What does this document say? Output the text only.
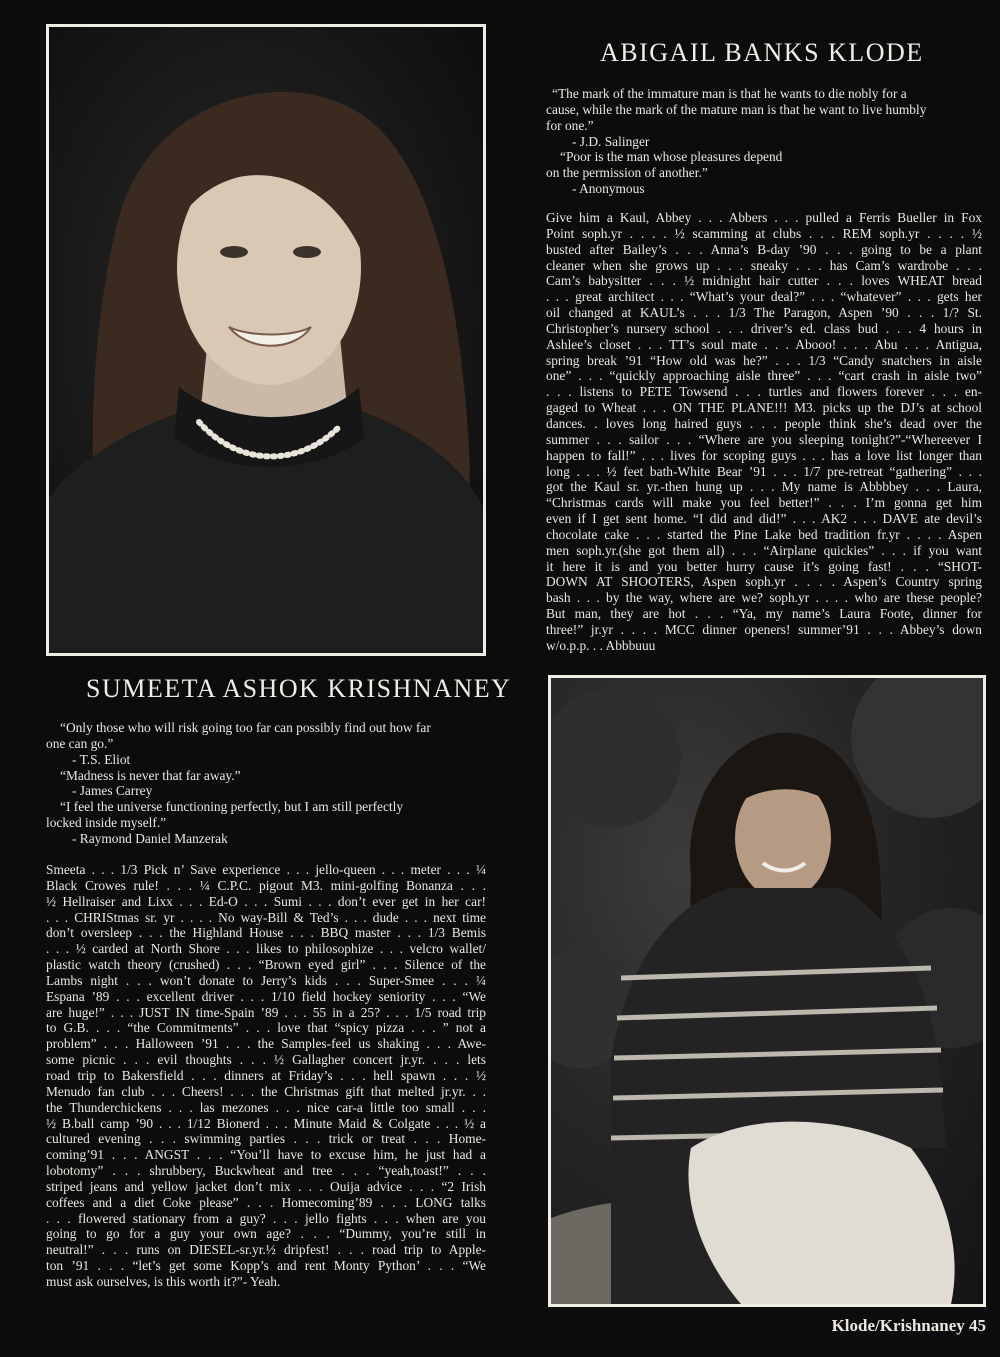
ABIGAIL BANKS KLODE
“The mark of the immature man is that he wants to die nobly for a
cause, while the mark of the mature man is that he want to live humbly
for one.”
- J.D. Salinger
“Poor is the man whose pleasures depend
on the permission of another.”
- Anonymous
Give him a Kaul, Abbey . . . Abbers . . . pulled a Ferris Bueller in Fox
Point soph.yr . . . . ½ scamming at clubs . . . REM soph.yr . . . . ½
busted after Bailey’s . . . Anna’s B-day ’90 . . . going to be a plant
cleaner when she grows up . . . sneaky . . . has Cam’s wardrobe . . .
Cam’s babysitter . . . ½ midnight hair cutter . . . loves WHEAT bread
. . . great architect . . . “What’s your deal?” . . . “whatever” . . . gets her
oil changed at KAUL’s . . . 1/3 The Paragon, Aspen ’90 . . . 1/? St.
Christopher’s nursery school . . . driver’s ed. class bud . . . 4 hours in
Ashlee’s closet . . . TT’s soul mate . . . Abooo! . . . Abu . . . Antigua,
spring break ’91 “How old was he?” . . . 1/3 “Candy snatchers in aisle
one” . . . “quickly approaching aisle three” . . . “cart crash in aisle two”
. . . listens to PETE Towsend . . . turtles and flowers forever . . . en-
gaged to Wheat . . . ON THE PLANE!!! M3. picks up the DJ’s at school
dances. . loves long haired guys . . . people think she’s dead over the
summer . . . sailor . . . “Where are you sleeping tonight?”-“Whereever I
happen to fall!” . . . lives for scoping guys . . . has a love list longer than
long . . . ½ feet bath-White Bear ’91 . . . 1/7 pre-retreat “gathering” . . .
got the Kaul sr. yr.-then hung up . . . My name is Abbbbey . . . Laura,
“Christmas cards will make you feel better!” . . . I’m gonna get him
even if I get sent home. “I did and did!” . . . AK2 . . . DAVE ate devil’s
chocolate cake . . . started the Pine Lake bed tradition fr.yr . . . . Aspen
men soph.yr.(she got them all) . . . “Airplane quickies” . . . if you want
it here it is and you better hurry cause it’s going fast! . . . “SHOT-
DOWN AT SHOOTERS, Aspen soph.yr . . . . Aspen’s Country spring
bash . . . by the way, where are we? soph.yr . . . . who are these people?
But man, they are hot . . . “Ya, my name’s Laura Foote, dinner for
three!” jr.yr . . . . MCC dinner openers! summer’91 . . . Abbey’s down
w/o.p.p. . . Abbbuuu
SUMEETA ASHOK KRISHNANEY
“Only those who will risk going too far can possibly find out how far
one can go.”
- T.S. Eliot
“Madness is never that far away.”
- James Carrey
“I feel the universe functioning perfectly, but I am still perfectly
locked inside myself.”
- Raymond Daniel Manzerak
Smeeta . . . 1/3 Pick n’ Save experience . . . jello-queen . . . meter . . . ¼
Black Crowes rule! . . . ¼ C.P.C. pigout M3. mini-golfing Bonanza . . .
½ Hellraiser and Lixx . . . Ed-O . . . Sumi . . . don’t ever get in her car!
. . . CHRIStmas sr. yr . . . . No way-Bill & Ted’s . . . dude . . . next time
don’t oversleep . . . the Highland House . . . BBQ master . . . 1/3 Bemis
. . . ½ carded at North Shore . . . likes to philosophize . . . velcro wallet/
plastic watch theory (crushed) . . . “Brown eyed girl” . . . Silence of the
Lambs night . . . won’t donate to Jerry’s kids . . . Super-Smee . . . ¼
Espana ’89 . . . excellent driver . . . 1/10 field hockey seniority . . . “We
are huge!” . . . JUST IN time-Spain ’89 . . . 55 in a 25? . . . 1/5 road trip
to G.B. . . . “the Commitments” . . . love that “spicy pizza . . . ” not a
problem” . . . Halloween ’91 . . . the Samples-feel us shaking . . . Awe-
some picnic . . . evil thoughts . . . ½ Gallagher concert jr.yr. . . . lets
road trip to Bakersfield . . . dinners at Friday’s . . . hell spawn . . . ½
Menudo fan club . . . Cheers! . . . the Christmas gift that melted jr.yr. . .
the Thunderchickens . . . las mezones . . . nice car-a little too small . . .
½ B.ball camp ’90 . . . 1/12 Bionerd . . . Minute Maid & Colgate . . . ½ a
cultured evening . . . swimming parties . . . trick or treat . . . Home-
coming’91 . . . ANGST . . . “You’ll have to excuse him, he just had a
lobotomy” . . . shrubbery, Buckwheat and tree . . . “yeah,toast!” . . .
striped jeans and yellow jacket don’t mix . . . Ouija advice . . . “2 Irish
coffees and a diet Coke please” . . . Homecoming’89 . . . LONG talks
. . . flowered stationary from a guy? . . . jello fights . . . when are you
going to go for a guy your own age? . . . “Dummy, you’re still in
neutral!” . . . runs on DIESEL-sr.yr.½ dripfest! . . . road trip to Apple-
ton ’91 . . . “let’s get some Kopp’s and rent Monty Python’ . . . “We
must ask ourselves, is this worth it?”- Yeah.
Klode/Krishnaney 45
